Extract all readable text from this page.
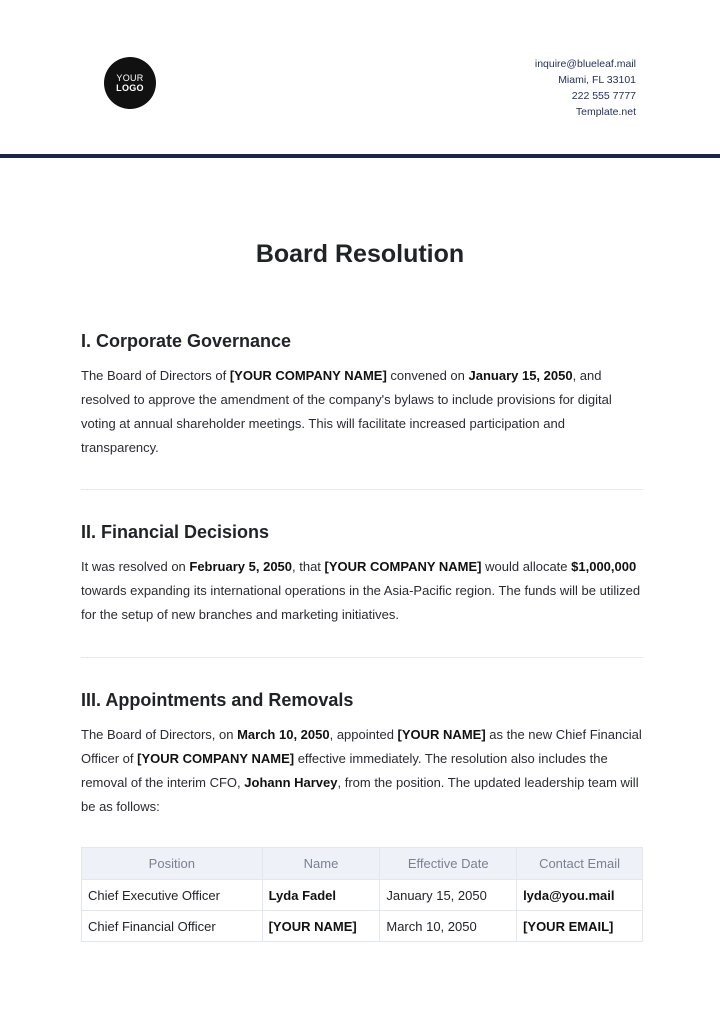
YOUR
LOGO
inquire@blueleaf.mail
Miami, FL 33101
222 555 7777
Template.net
Board Resolution
I. Corporate Governance

The Board of Directors of [YOUR COMPANY NAME] convened on January 15, 2050, and resolved to approve the amendment of the company's bylaws to include provisions for digital voting at annual shareholder meetings. This will facilitate increased participation and transparency.

II. Financial Decisions

It was resolved on February 5, 2050, that [YOUR COMPANY NAME] would allocate $1,000,000 towards expanding its international operations in the Asia-Pacific region. The funds will be utilized for the setup of new branches and marketing initiatives.

III. Appointments and Removals

The Board of Directors, on March 10, 2050, appointed [YOUR NAME] as the new Chief Financial Officer of [YOUR COMPANY NAME] effective immediately. The resolution also includes the removal of the interim CFO, Johann Harvey, from the position. The updated leadership team will be as follows:

Position	Name	Effective Date	Contact Email
Chief Executive Officer	Lyda Fadel	January 15, 2050	lyda@you.mail
Chief Financial Officer	[YOUR NAME]	March 10, 2050	[YOUR EMAIL]
